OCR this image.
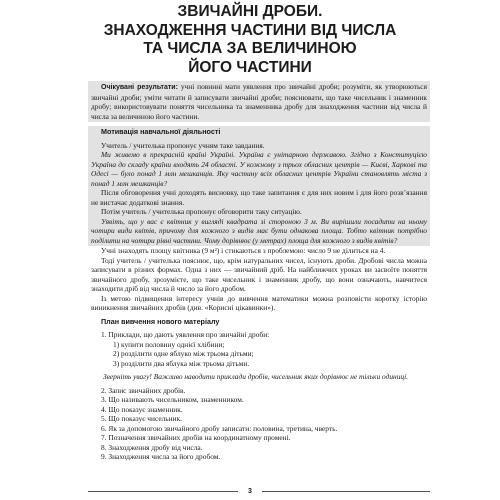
ЗВИЧАЙНІ ДРОБИ.
ЗНАХОДЖЕННЯ ЧАСТИНИ ВІД ЧИСЛА
ТА ЧИСЛА ЗА ВЕЛИЧИНОЮ
ЙОГО ЧАСТИНИ

Очікувані результати: учні повинні мати уявлення про звичайні дроби; розуміти, як утворюються звичайні дроби; уміти читати й записувати звичайні дроби; пояснювати, що таке чисельник і знаменник дробу; використовувати поняття чисельника та знаменника дробу для знаходження частини від числа й числа за величиною його частини.

Мотивація навчальної діяльності

Учитель / учителька пропонує учням таке завдання.

Ми живемо в прекрасній країні Україні. Україна є унітарною державою. Згідно з Конституцією Україна до складу країни входять 24 області. У кожному з трьох обласних центрів — Києві, Харкові та Одесі — було понад 1 млн мешканців. Яку частину всіх обласних центрів України становлять міста з понад 1 млн мешканців?

Після обговорення учні доходять висновку, що таке запитання є для них новим і для його розв’язання не вистачає додаткові знання.

Потім учитель / учителька пропонує обговорити таку ситуацію.

Уявіть, що у вас є квітник у вигляді квадрата зі стороною 3 м. Ви вирішили посадити на ньому чотири види квітів, причому для кожного з видів має бути однакова площа. Тобто квітник потрібно поділити на чотири рівні частини. Чому дорівнює (у метрах) площа для кожного з видів квітів?

Учні знаходять площу квітника (9 м²) і стикаються з проблемою: число 9 не ділиться на 4.

Тоді учитель / учителька пояснює, що, крім натуральних чисел, існують дроби. Дробові числа можна записувати в різних формах. Одна з них — звичайний дріб. На найближчих уроках ви засвоїте поняття звичайного дробу, зрозумієте, що таке чисельник і знаменник дробу, що вони означають, навчитеся знаходити дріб від числа й число за його дробом.

Із метою підвищення інтересу учнів до вивчення математики можна розповісти коротку історію виникнення звичайних дробів (див. «Корисні цікавинки»).

План вивчення нового матеріалу

1. Приклади, що дають уявлення про звичайні дроби:
1) купити половину однієї хлібини;
2) розділити одне яблуко між трьома дітьми;
3) розділити два яблука між трьома дітьми.

Зверніть увагу! Важливо наводити приклади дробів, чисельник яких дорівнює не тільки одиниці.

2. Запис звичайних дробів.
3. Що називають чисельником, знаменником.
4. Що показує знаменник.
5. Що показує чисельник.
6. Як за допомогою звичайного дробу записати: половина, третина, чверть.
7. Позначення звичайних дробів на координатному промені.
8. Знаходження дробу від числа.
9. Знаходження числа за його дробом.
3
